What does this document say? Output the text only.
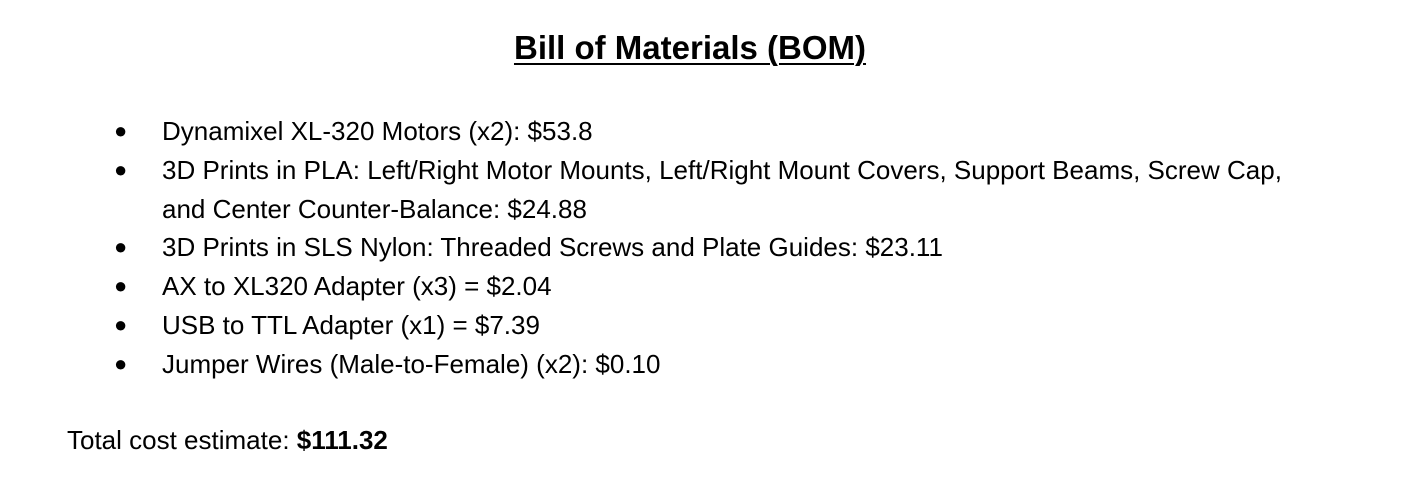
Bill of Materials (BOM)
● Dynamixel XL-320 Motors (x2): $53.8
● 3D Prints in PLA: Left/Right Motor Mounts, Left/Right Mount Covers, Support Beams, Screw Cap, and Center Counter-Balance: $24.88
● 3D Prints in SLS Nylon: Threaded Screws and Plate Guides: $23.11
● AX to XL320 Adapter (x3) = $2.04
● USB to TTL Adapter (x1) = $7.39
● Jumper Wires (Male-to-Female) (x2): $0.10

Total cost estimate: $111.32
